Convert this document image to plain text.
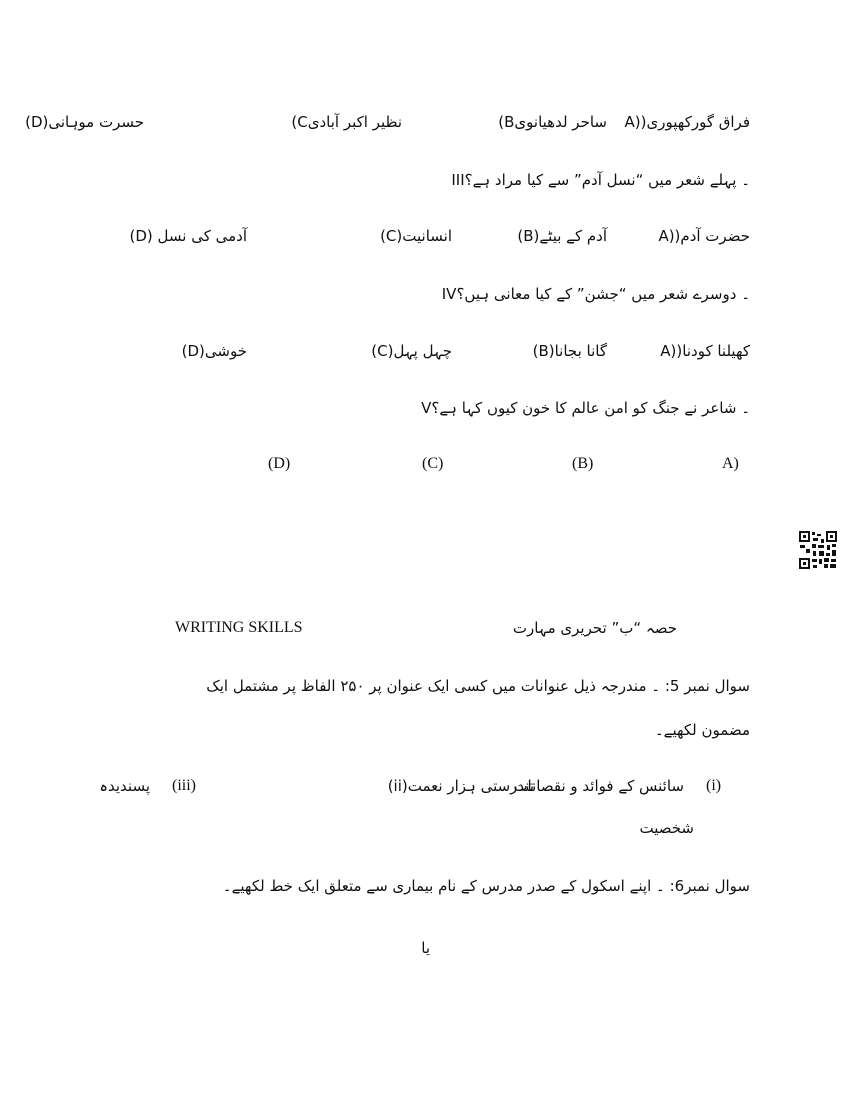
A))فراق گورکھپوری
(Bساحر لدھیانوی
(Cنظیر اکبر آبادی
(D)حسرت موہانی
III۔ پہلے شعر میں “نسل آدم” سے کیا مراد ہے؟
A))حضرت آدم
(B)آدم کے بیٹے
(C)انسانیت
(D) آدمی کی نسل
IV۔ دوسرے شعر میں “جشن” کے کیا معانی ہیں؟
A))کھیلنا کودنا
(B)گانا بجانا
(C)چہل پہل
(D)خوشی
V۔ شاعر نے جنگ کو امن عالم کا خون کیوں کہا ہے؟
A)
(B)
(C)
(D)
حصہ “ب” تحریری مہارت
WRITING SKILLS
سوال نمبر 5: ۔ مندرجہ ذیل عنوانات میں کسی ایک عنوان پر ۲۵۰ الفاظ پر مشتمل ایک
مضمون لکھیے۔
(i)
سائنس کے فوائد و نقصانات
(ii)تندرستی ہزار نعمت
(iii)
پسندیدہ
شخصیت
سوال نمبر6: ۔ اپنے اسکول کے صدر مدرس کے نام بیماری سے متعلق ایک خط لکھیے۔
یا
